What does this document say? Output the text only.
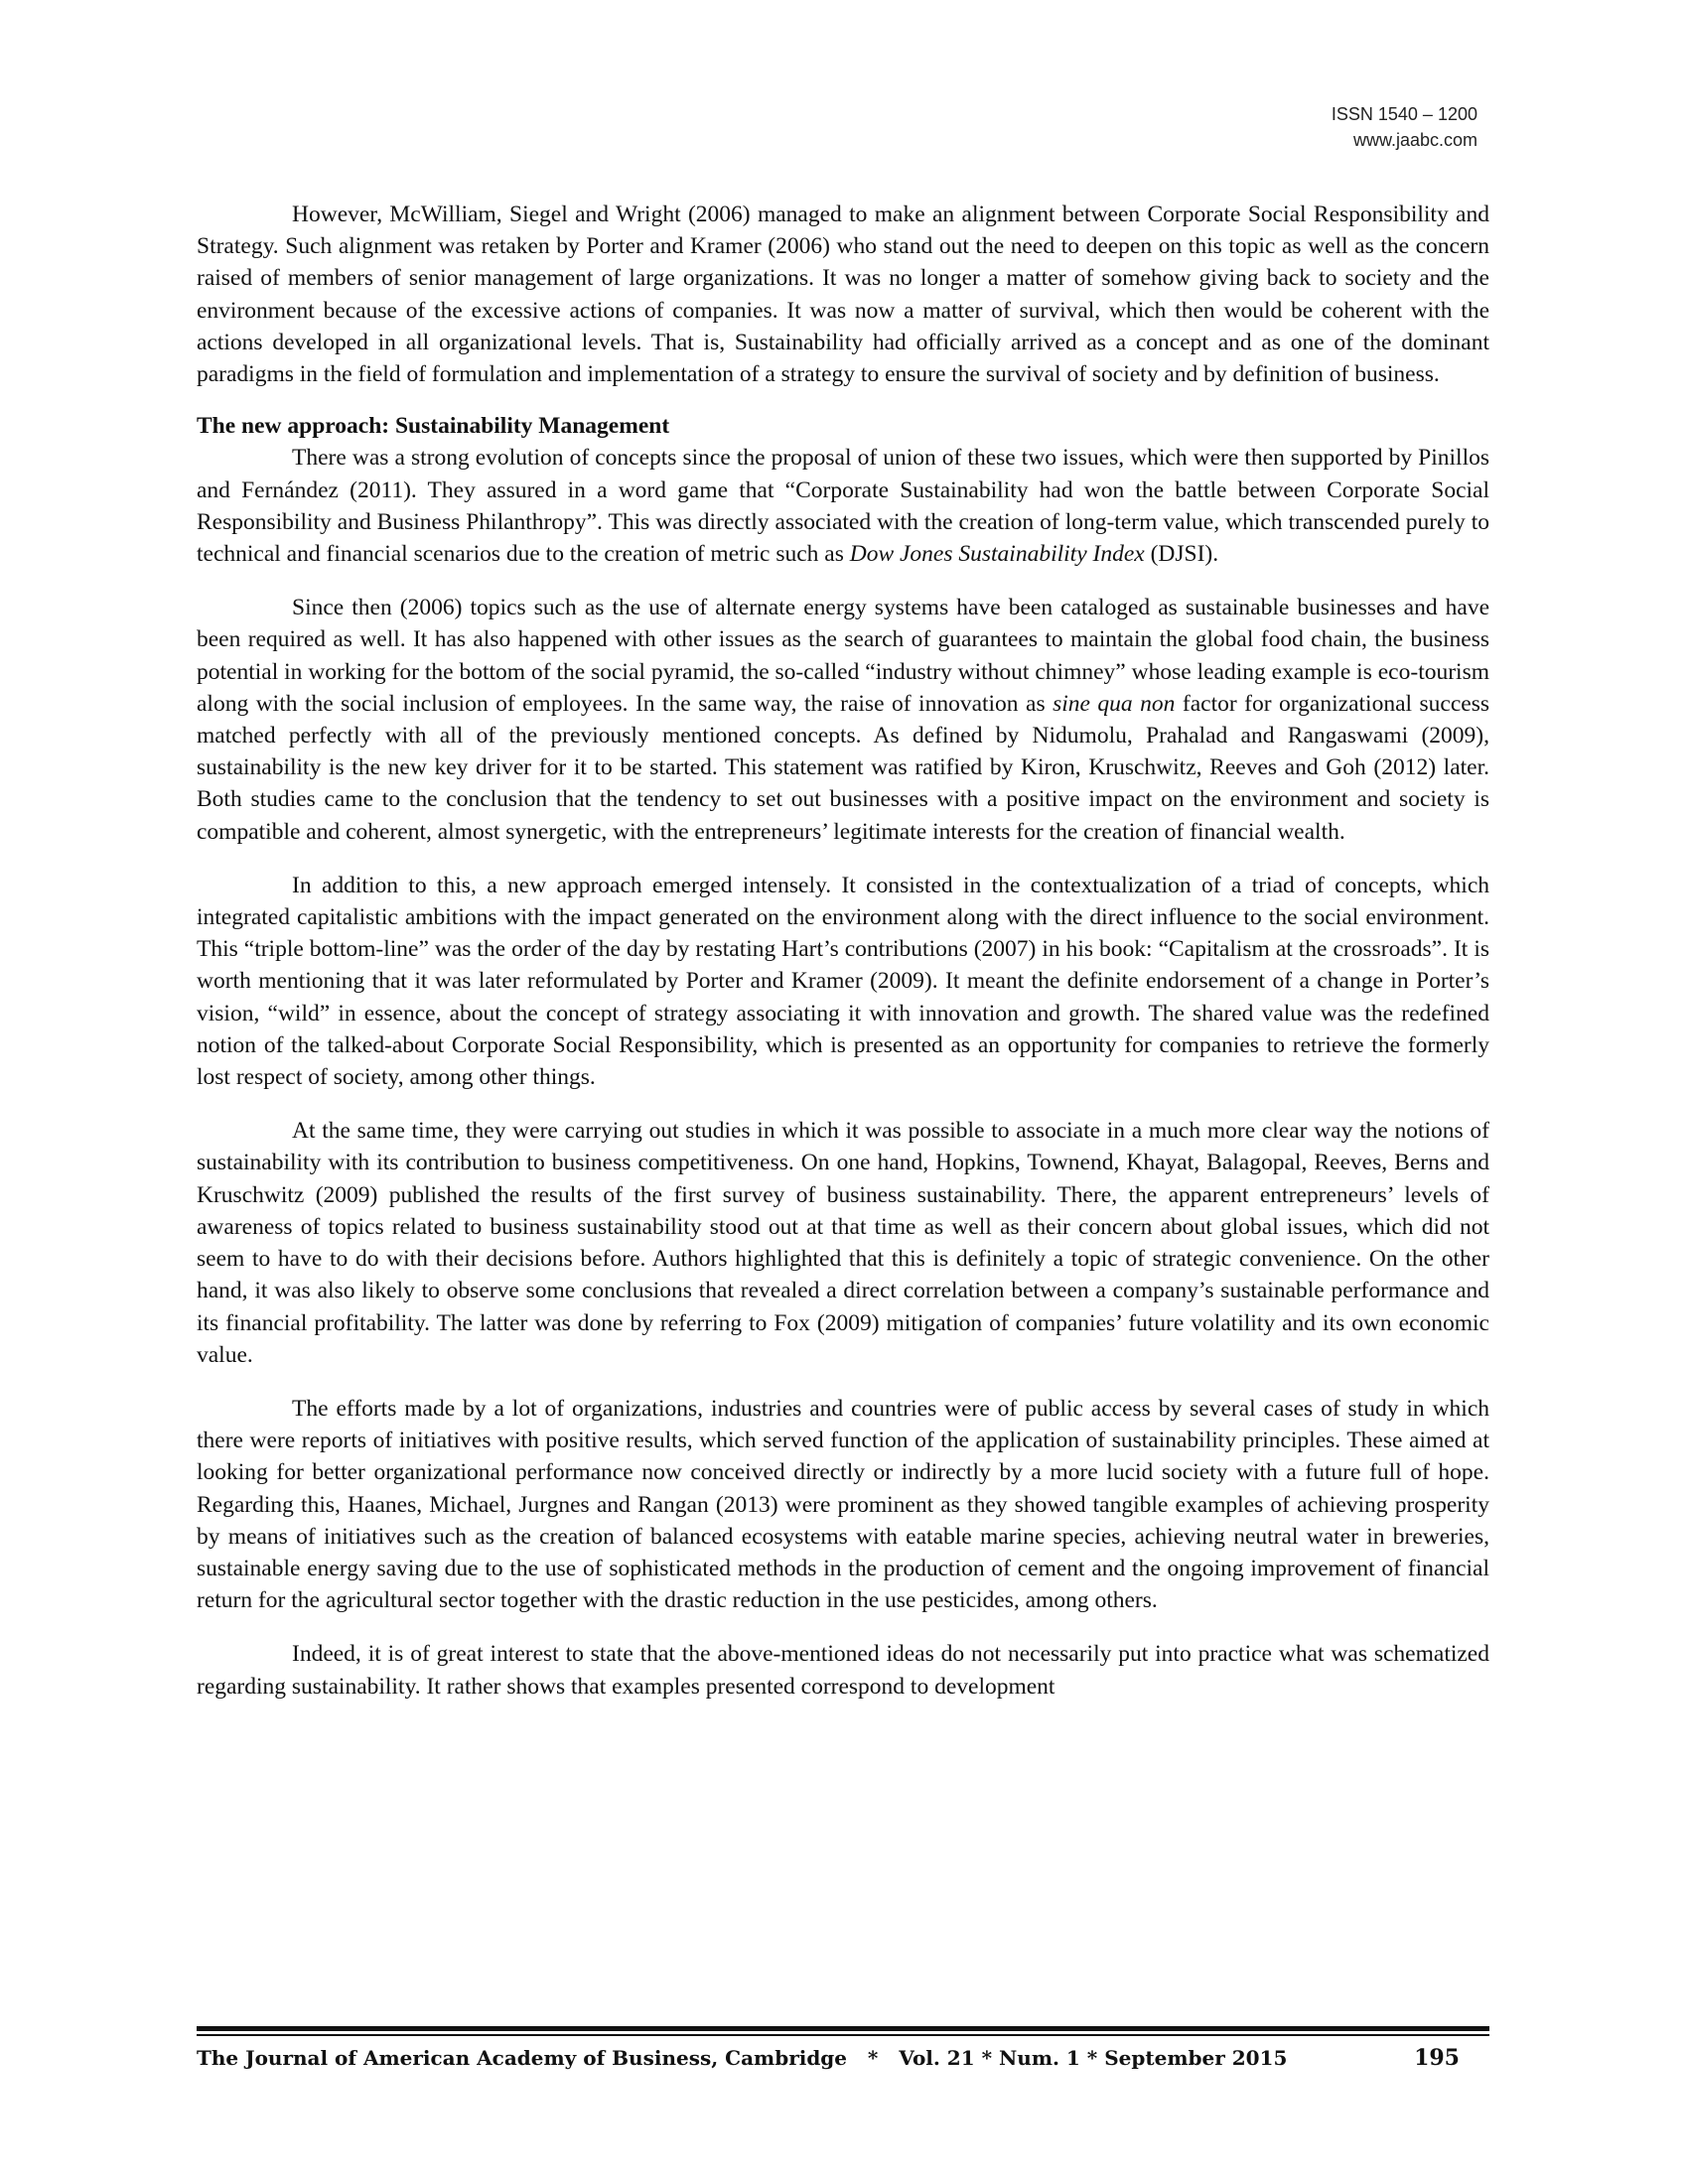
ISSN 1540 – 1200
www.jaabc.com

However, McWilliam, Siegel and Wright (2006) managed to make an alignment between Corporate Social Responsibility and Strategy. Such alignment was retaken by Porter and Kramer (2006) who stand out the need to deepen on this topic as well as the concern raised of members of senior management of large organizations. It was no longer a matter of somehow giving back to society and the environment because of the excessive actions of companies. It was now a matter of survival, which then would be coherent with the actions developed in all organizational levels. That is, Sustainability had officially arrived as a concept and as one of the dominant paradigms in the field of formulation and implementation of a strategy to ensure the survival of society and by definition of business.

The new approach: Sustainability Management

There was a strong evolution of concepts since the proposal of union of these two issues, which were then supported by Pinillos and Fernández (2011). They assured in a word game that “Corporate Sustainability had won the battle between Corporate Social Responsibility and Business Philanthropy”. This was directly associated with the creation of long-term value, which transcended purely to technical and financial scenarios due to the creation of metric such as Dow Jones Sustainability Index (DJSI).

Since then (2006) topics such as the use of alternate energy systems have been cataloged as sustainable businesses and have been required as well. It has also happened with other issues as the search of guarantees to maintain the global food chain, the business potential in working for the bottom of the social pyramid, the so-called “industry without chimney” whose leading example is eco-tourism along with the social inclusion of employees. In the same way, the raise of innovation as sine qua non factor for organizational success matched perfectly with all of the previously mentioned concepts. As defined by Nidumolu, Prahalad and Rangaswami (2009), sustainability is the new key driver for it to be started. This statement was ratified by Kiron, Kruschwitz, Reeves and Goh (2012) later. Both studies came to the conclusion that the tendency to set out businesses with a positive impact on the environment and society is compatible and coherent, almost synergetic, with the entrepreneurs’ legitimate interests for the creation of financial wealth.

In addition to this, a new approach emerged intensely. It consisted in the contextualization of a triad of concepts, which integrated capitalistic ambitions with the impact generated on the environment along with the direct influence to the social environment. This “triple bottom-line” was the order of the day by restating Hart’s contributions (2007) in his book: “Capitalism at the crossroads”. It is worth mentioning that it was later reformulated by Porter and Kramer (2009). It meant the definite endorsement of a change in Porter’s vision, “wild” in essence, about the concept of strategy associating it with innovation and growth. The shared value was the redefined notion of the talked-about Corporate Social Responsibility, which is presented as an opportunity for companies to retrieve the formerly lost respect of society, among other things.

At the same time, they were carrying out studies in which it was possible to associate in a much more clear way the notions of sustainability with its contribution to business competitiveness. On one hand, Hopkins, Townend, Khayat, Balagopal, Reeves, Berns and Kruschwitz (2009) published the results of the first survey of business sustainability. There, the apparent entrepreneurs’ levels of awareness of topics related to business sustainability stood out at that time as well as their concern about global issues, which did not seem to have to do with their decisions before. Authors highlighted that this is definitely a topic of strategic convenience. On the other hand, it was also likely to observe some conclusions that revealed a direct correlation between a company’s sustainable performance and its financial profitability. The latter was done by referring to Fox (2009) mitigation of companies’ future volatility and its own economic value.

The efforts made by a lot of organizations, industries and countries were of public access by several cases of study in which there were reports of initiatives with positive results, which served function of the application of sustainability principles. These aimed at looking for better organizational performance now conceived directly or indirectly by a more lucid society with a future full of hope. Regarding this, Haanes, Michael, Jurgnes and Rangan (2013) were prominent as they showed tangible examples of achieving prosperity by means of initiatives such as the creation of balanced ecosystems with eatable marine species, achieving neutral water in breweries, sustainable energy saving due to the use of sophisticated methods in the production of cement and the ongoing improvement of financial return for the agricultural sector together with the drastic reduction in the use pesticides, among others.

Indeed, it is of great interest to state that the above-mentioned ideas do not necessarily put into practice what was schematized regarding sustainability. It rather shows that examples presented correspond to development

The Journal of American Academy of Business, Cambridge   *   Vol. 21 * Num. 1 * September 2015	195
